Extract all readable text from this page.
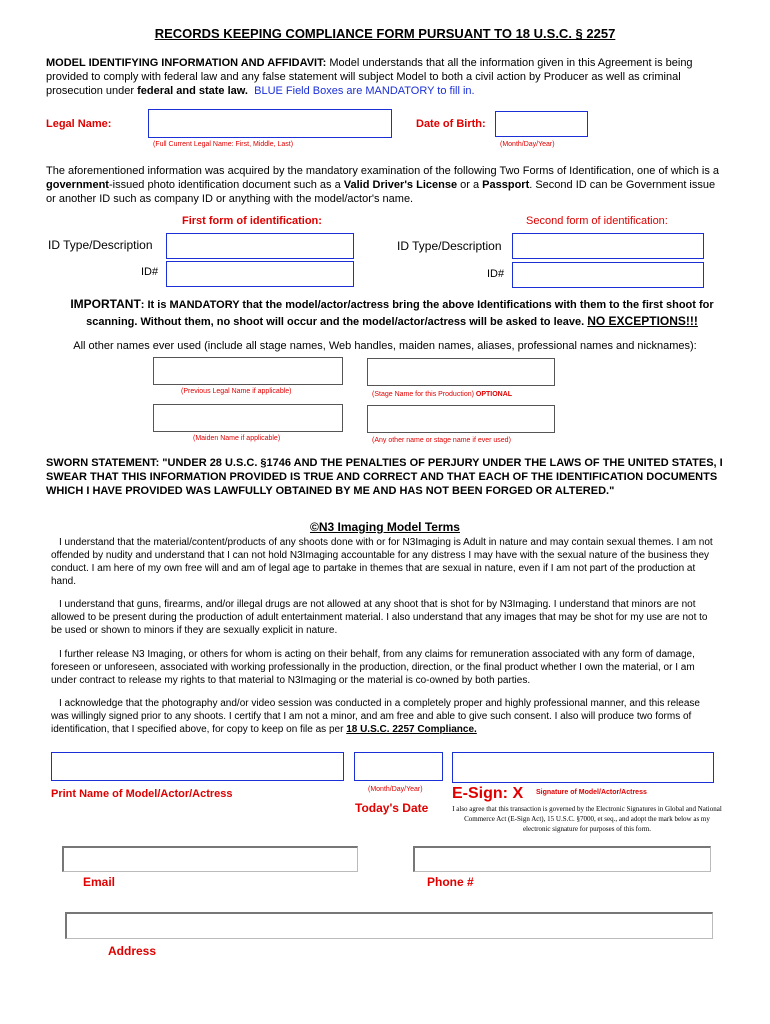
RECORDS KEEPING COMPLIANCE FORM PURSUANT TO 18 U.S.C. § 2257
MODEL IDENTIFYING INFORMATION AND AFFIDAVIT: Model understands that all the information given in this Agreement is being provided to comply with federal law and any false statement will subject Model to both a civil action by Producer as well as criminal prosecution under federal and state law. BLUE Field Boxes are MANDATORY to fill in.
Legal Name:
(Full Current Legal Name: First, Middle, Last)
Date of Birth:
(Month/Day/Year)
The aforementioned information was acquired by the mandatory examination of the following Two Forms of Identification, one of which is a government-issued photo identification document such as a Valid Driver's License or a Passport. Second ID can be Government issue or another ID such as company ID or anything with the model/actor's name.
First form of identification:
ID Type/Description
ID#
Second form of identification:
ID Type/Description
ID#
IMPORTANT: It is MANDATORY that the model/actor/actress bring the above Identifications with them to the first shoot for scanning. Without them, no shoot will occur and the model/actor/actress will be asked to leave. NO EXCEPTIONS!!!
All other names ever used (include all stage names, Web handles, maiden names, aliases, professional names and nicknames):
(Previous Legal Name if applicable)	(Stage Name for this Production) OPTIONAL
(Maiden Name if applicable)	(Any other name or stage name if ever used)
SWORN STATEMENT: "UNDER 28 U.S.C. §1746 AND THE PENALTIES OF PERJURY UNDER THE LAWS OF THE UNITED STATES, I SWEAR THAT THIS INFORMATION PROVIDED IS TRUE AND CORRECT AND THAT EACH OF THE IDENTIFICATION DOCUMENTS WHICH I HAVE PROVIDED WAS LAWFULLY OBTAINED BY ME AND HAS NOT BEEN FORGED OR ALTERED."
©N3 Imaging Model Terms
I understand that the material/content/products of any shoots done with or for N3Imaging is Adult in nature and may contain sexual themes. I am not offended by nudity and understand that I can not hold N3Imaging accountable for any distress I may have with the sexual nature of the business they conduct. I am here of my own free will and am of legal age to partake in themes that are sexual in nature, even if I am not part of the production at hand.
I understand that guns, firearms, and/or illegal drugs are not allowed at any shoot that is shot for by N3Imaging. I understand that minors are not allowed to be present during the production of adult entertainment material. I also understand that any images that may be shot for my use are not to be used or shown to minors if they are sexually explicit in nature.
I further release N3 Imaging, or others for whom is acting on their behalf, from any claims for remuneration associated with any form of damage, foreseen or unforeseen, associated with working professionally in the production, direction, or the final product whether I own the material, or I am under contract to release my rights to that material to N3Imaging or the material is co-owned by both parties.
I acknowledge that the photography and/or video session was conducted in a completely proper and highly professional manner, and this release was willingly signed prior to any shoots. I certify that I am not a minor, and am free and able to give such consent. I also will produce two forms of identification, that I specified above, for copy to keep on file as per 18 U.S.C. 2257 Compliance.
Print Name of Model/Actor/Actress	(Month/Day/Year)
Today's Date
E-Sign: X Signature of Model/Actor/Actress
I also agree that this transaction is governed by the Electronic Signatures in Global and National Commerce Act (E-Sign Act), 15 U.S.C. §7000, et seq., and adopt the mark below as my electronic signature for purposes of this form.
Email	Phone #
Address
